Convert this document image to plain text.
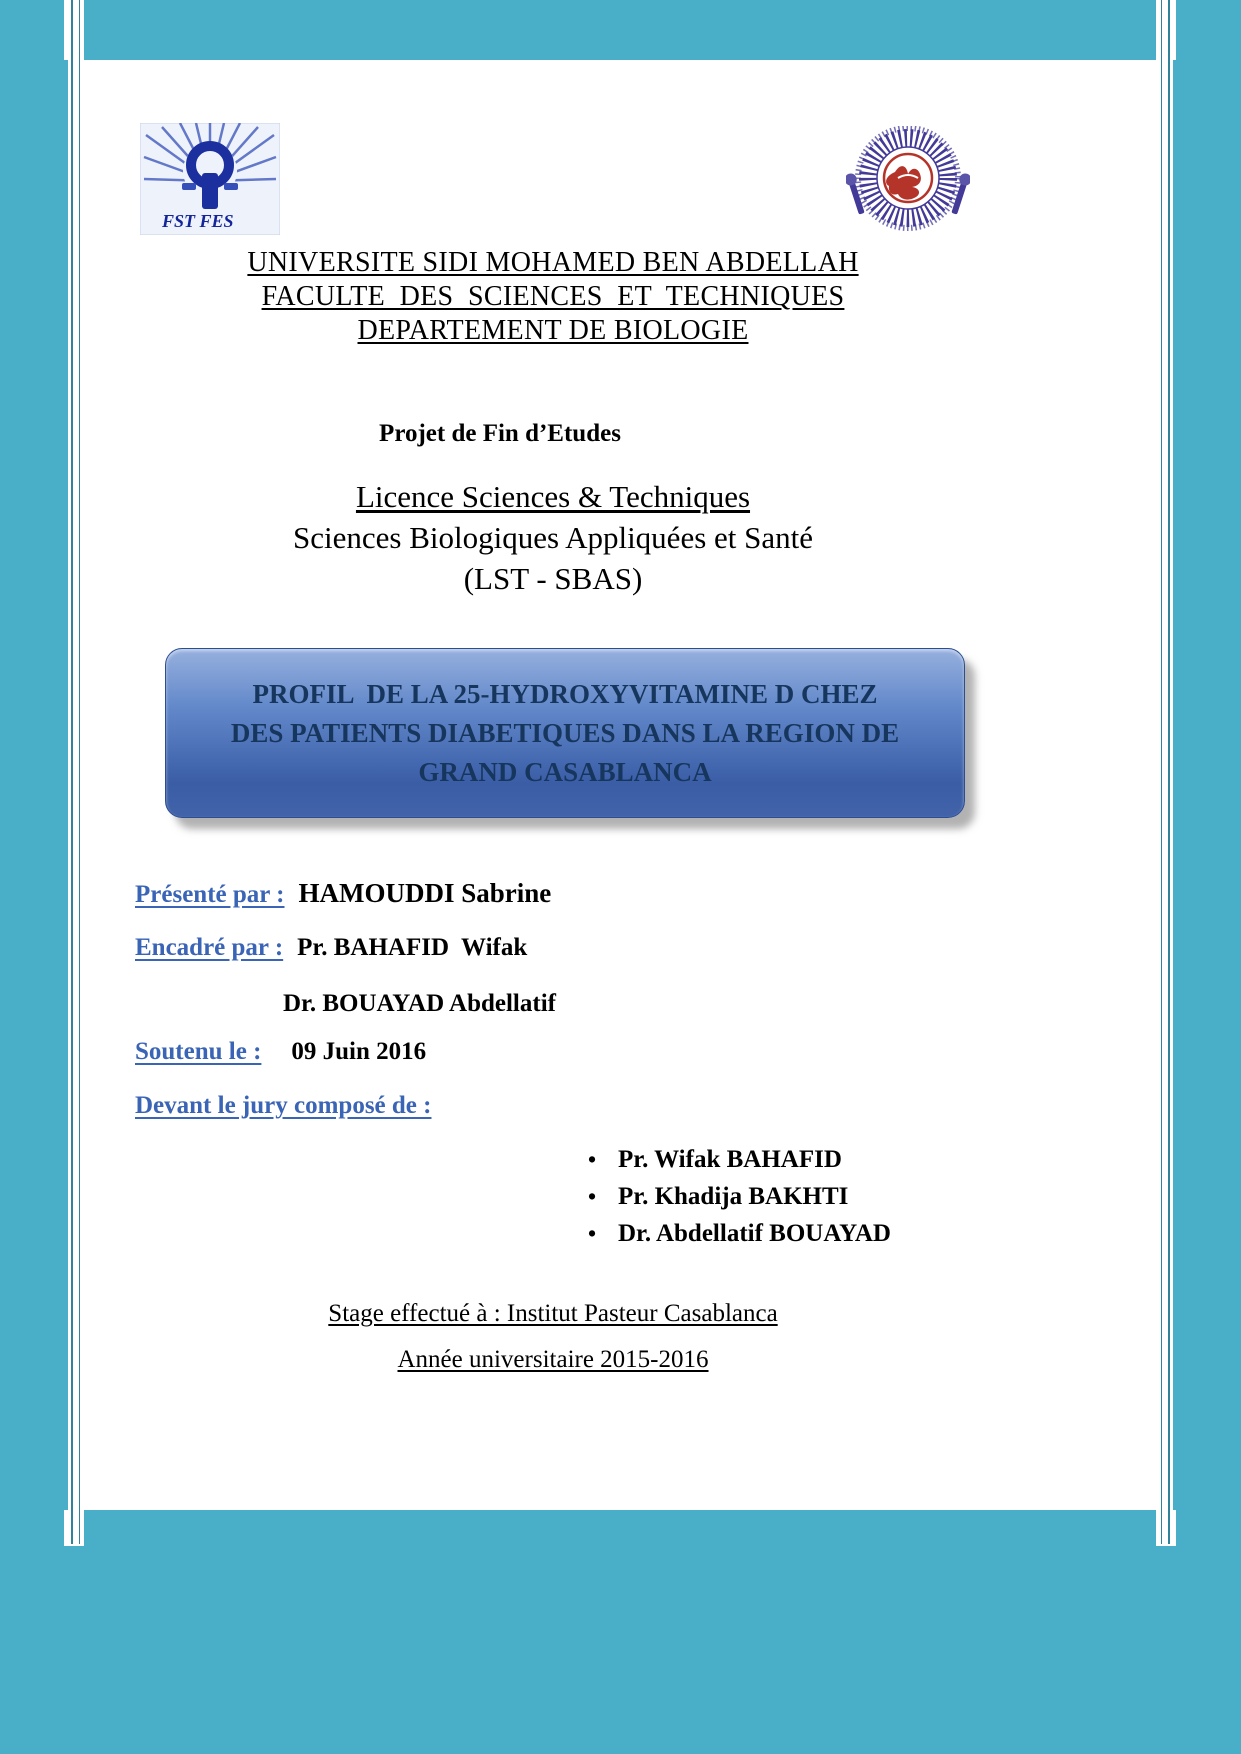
FST FES
UNIVERSITE SIDI MOHAMED BEN ABDELLAH
FACULTE  DES  SCIENCES  ET  TECHNIQUES
DEPARTEMENT DE BIOLOGIE
Projet de Fin d’Etudes
Licence Sciences & Techniques
Sciences Biologiques Appliquées et Santé
(LST - SBAS)
PROFIL  DE LA 25-HYDROXYVITAMINE D CHEZ
DES PATIENTS DIABETIQUES DANS LA REGION DE
GRAND CASABLANCA
Présenté par : HAMOUDDI Sabrine
Encadré par : Pr. BAHAFID  Wifak
Dr. BOUAYAD Abdellatif
Soutenu le : 09 Juin 2016
Devant le jury composé de :
• Pr. Wifak BAHAFID
• Pr. Khadija BAKHTI
• Dr. Abdellatif BOUAYAD
Stage effectué à : Institut Pasteur Casablanca
Année universitaire 2015-2016
